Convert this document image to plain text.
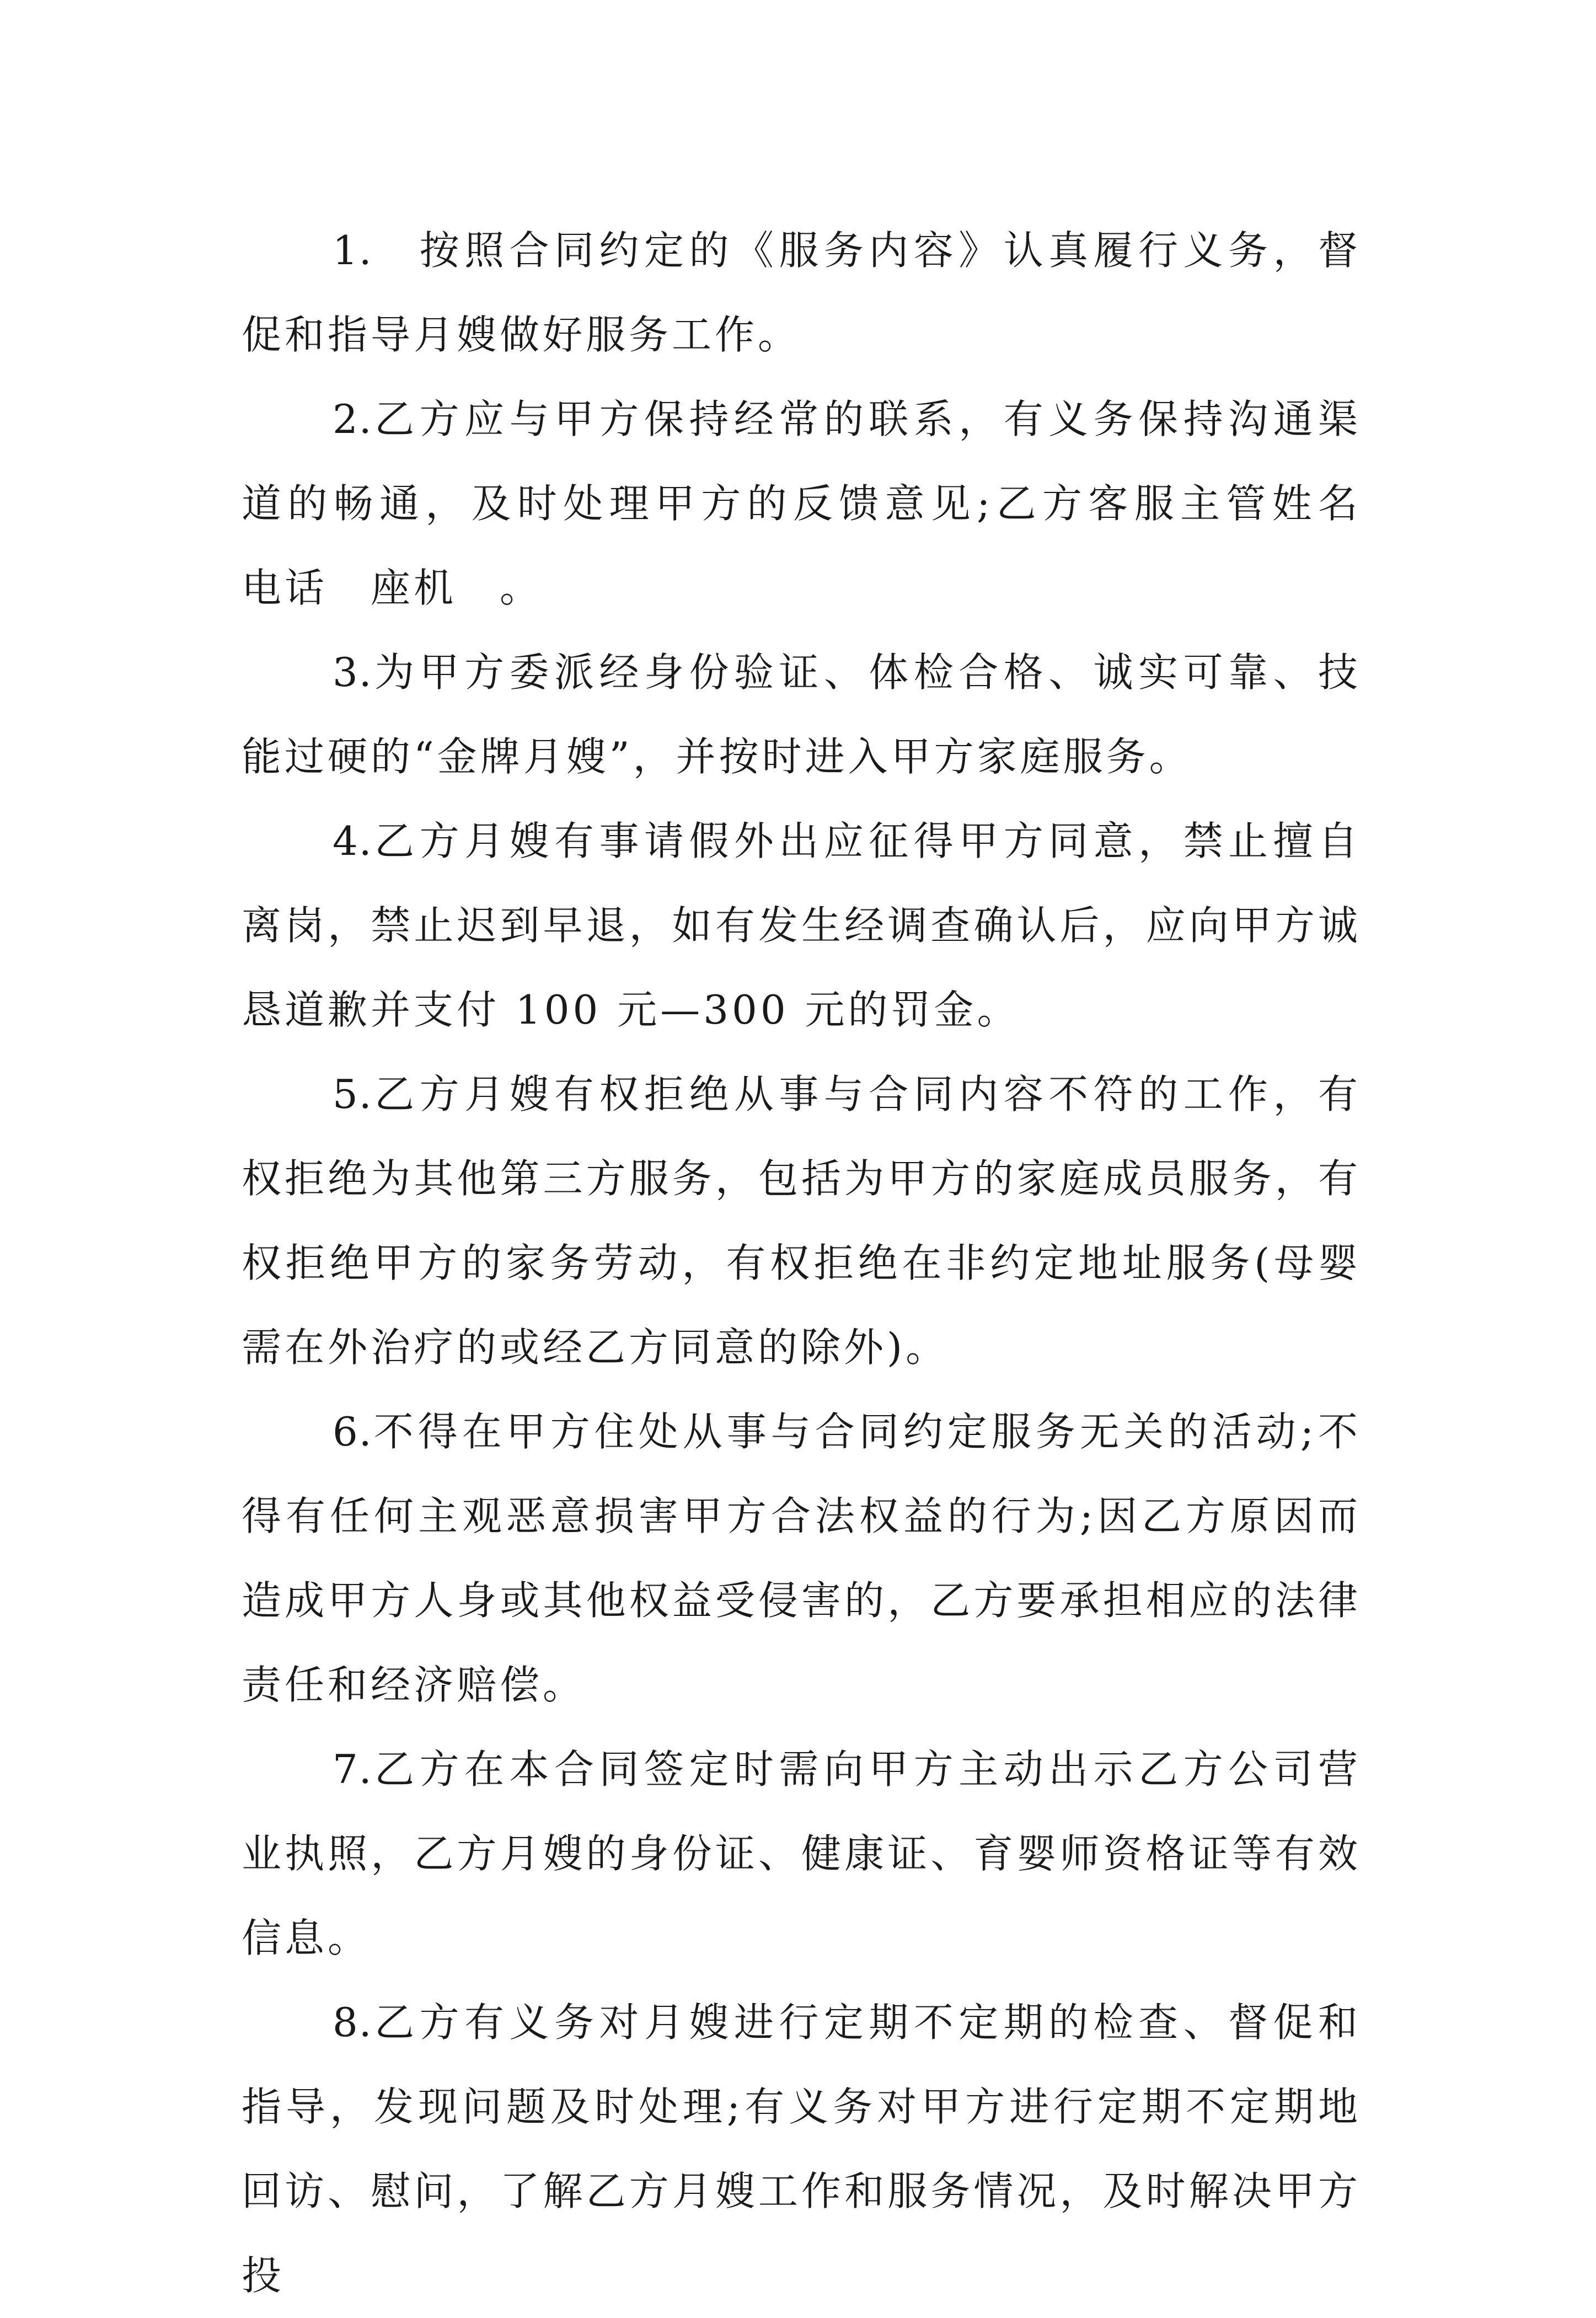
1.　 按照合同约定的《服务内容》认真履行义务，督促和指导月嫂做好服务工作。

2.乙方应与甲方保持经常的联系，有义务保持沟通渠道的畅通，及时处理甲方的反馈意见;乙方客服主管姓名　电话　座机　。

3.为甲方委派经身份验证、体检合格、诚实可靠、技能过硬的“金牌月嫂”，并按时进入甲方家庭服务。

4.乙方月嫂有事请假外出应征得甲方同意，禁止擅自离岗，禁止迟到早退，如有发生经调查确认后，应向甲方诚恳道歉并支付 100 元—300 元的罚金。

5.乙方月嫂有权拒绝从事与合同内容不符的工作，有权拒绝为其他第三方服务，包括为甲方的家庭成员服务，有权拒绝甲方的家务劳动，有权拒绝在非约定地址服务(母婴需在外治疗的或经乙方同意的除外)。

6.不得在甲方住处从事与合同约定服务无关的活动;不得有任何主观恶意损害甲方合法权益的行为;因乙方原因而造成甲方人身或其他权益受侵害的，乙方要承担相应的法律责任和经济赔偿。

7.乙方在本合同签定时需向甲方主动出示乙方公司营业执照，乙方月嫂的身份证、健康证、育婴师资格证等有效信息。

8.乙方有义务对月嫂进行定期不定期的检查、督促和指导，发现问题及时处理;有义务对甲方进行定期不定期地回访、慰问，了解乙方月嫂工作和服务情况，及时解决甲方投
